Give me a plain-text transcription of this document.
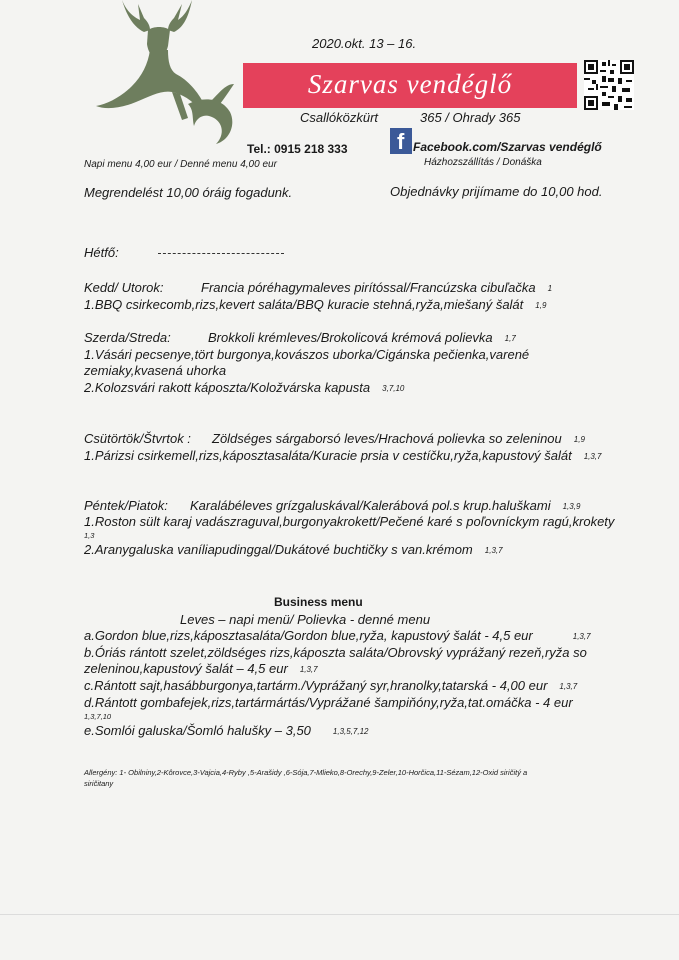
2020.okt. 13 – 16.
Szarvas vendéglő
Csallóközkürt	365 / Ohrady 365
Tel.: 0915 218 333 f Facebook.com/Szarvas vendéglő
Házhozszállítás / Donáška
Napi menu 4,00 eur / Denné menu 4,00 eur
Megrendelést 10,00 óráig fogadunk.	Objednávky prijímame do 10,00 hod.
Hétfő:
Kedd/ Utorok:	Francia póréhagymaleves pirítóssal/Francúzska cibuľačka 1
1.BBQ csirkecomb,rizs,kevert saláta/BBQ kuracie stehná,ryža,miešaný šalát 1,9
Szerda/Streda:	Brokkoli krémleves/Brokolicová krémová polievka 1,7
1.Vásári pecsenye,tört burgonya,kovászos uborka/Cigánska pečienka,varené
zemiaky,kvasená uhorka
2.Kolozsvári rakott káposzta/Koložvárska kapusta 3,7,10
Csütörtök/Štvrtok : Zöldséges sárgaborsó leves/Hrachová polievka so zeleninou 1,9
1.Párizsi csirkemell,rizs,káposztasaláta/Kuracie prsia v cestíčku,ryža,kapustový šalát 1,3,7
Péntek/Piatok: Karalábéleves grízgaluskával/Kalerábová pol.s krup.haluškami 1,3,9
1.Roston sült karaj vadászraguval,burgonyakrokett/Pečené karé s poľovníckym ragú,krokety
1,3
2.Aranygaluska vaníliapudinggal/Dukátové buchtičky s van.krémom 1,3,7
Business menu
Leves – napi menü/ Polievka - denné menu
a.Gordon blue,rizs,káposztasaláta/Gordon blue,ryža, kapustový šalát - 4,5 eur	1,3,7
b.Óriás rántott szelet,zöldséges rizs,káposzta saláta/Obrovský vyprážaný rezeň,ryža so
zeleninou,kapustový šalát – 4,5 eur 1,3,7
c.Rántott sajt,hasábburgonya,tartárm./Vyprážaný syr,hranolky,tatarská - 4,00 eur 1,3,7
d.Rántott gombafejek,rizs,tartármártás/Vyprážané šampiňóny,ryža,tat.omáčka - 4 eur
1,3,7,10
e.Somlói galuska/Šomló halušky – 3,50	1,3,5,7,12
Allergény: 1- Obilniny,2-Kôrovce,3-Vajcia,4-Ryby ,5-Arašidy ,6-Sója,7-Mlieko,8-Orechy,9-Zeler,10-Horčica,11-Sézam,12-Oxid siričitý a
siričitany
